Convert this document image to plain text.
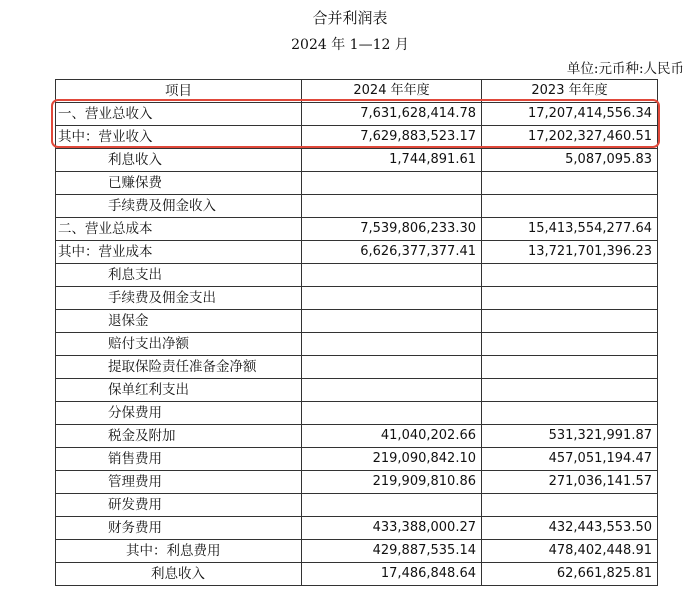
合并利润表
2024 年 1—12 月
单位:元币种:人民币
项目	2024 年年度	2023 年年度
一、营业总收入	7,631,628,414.78	17,207,414,556.34
其中：营业收入	7,629,883,523.17	17,202,327,460.51
利息收入	1,744,891.61	5,087,095.83
已赚保费		
手续费及佣金收入		
二、营业总成本	7,539,806,233.30	15,413,554,277.64
其中：营业成本	6,626,377,377.41	13,721,701,396.23
利息支出		
手续费及佣金支出		
退保金		
赔付支出净额		
提取保险责任准备金净额		
保单红利支出		
分保费用		
税金及附加	41,040,202.66	531,321,991.87
销售费用	219,090,842.10	457,051,194.47
管理费用	219,909,810.86	271,036,141.57
研发费用		
财务费用	433,388,000.27	432,443,553.50
其中：利息费用	429,887,535.14	478,402,448.91
利息收入	17,486,848.64	62,661,825.81
